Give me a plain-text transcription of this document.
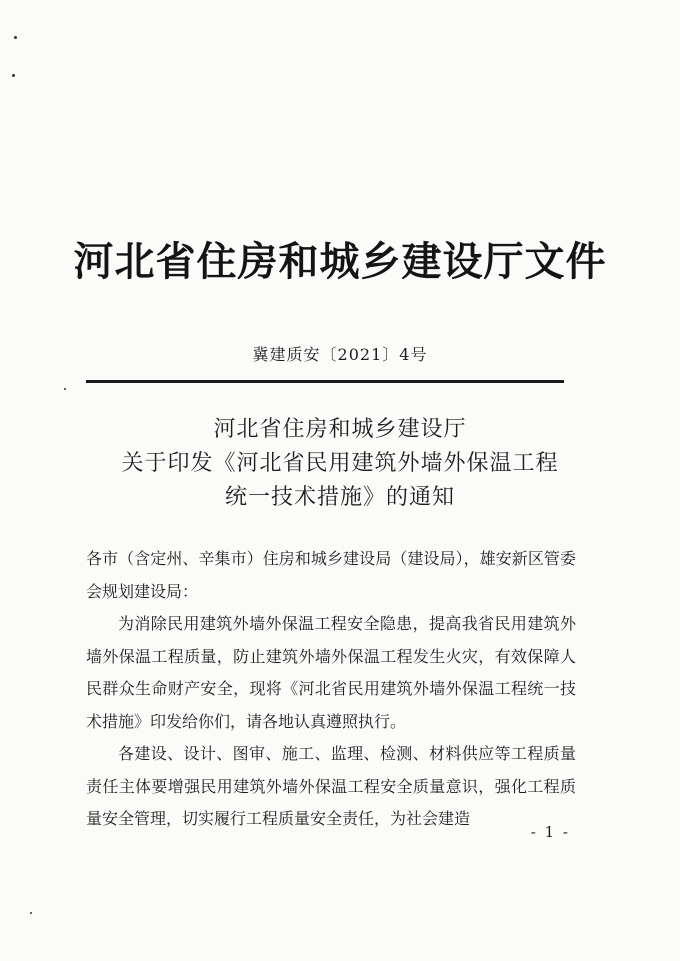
河北省住房和城乡建设厅文件
冀建质安〔2021〕4号
河北省住房和城乡建设厅
关于印发《河北省民用建筑外墙外保温工程
统一技术措施》的通知

各市（含定州、辛集市）住房和城乡建设局（建设局），雄安新区管委会规划建设局：

为消除民用建筑外墙外保温工程安全隐患，提高我省民用建筑外墙外保温工程质量，防止建筑外墙外保温工程发生火灾，有效保障人民群众生命财产安全，现将《河北省民用建筑外墙外保温工程统一技术措施》印发给你们，请各地认真遵照执行。

各建设、设计、图审、施工、监理、检测、材料供应等工程质量责任主体要增强民用建筑外墙外保温工程安全质量意识，强化工程质量安全管理，切实履行工程质量安全责任，为社会建造

- 1 -
